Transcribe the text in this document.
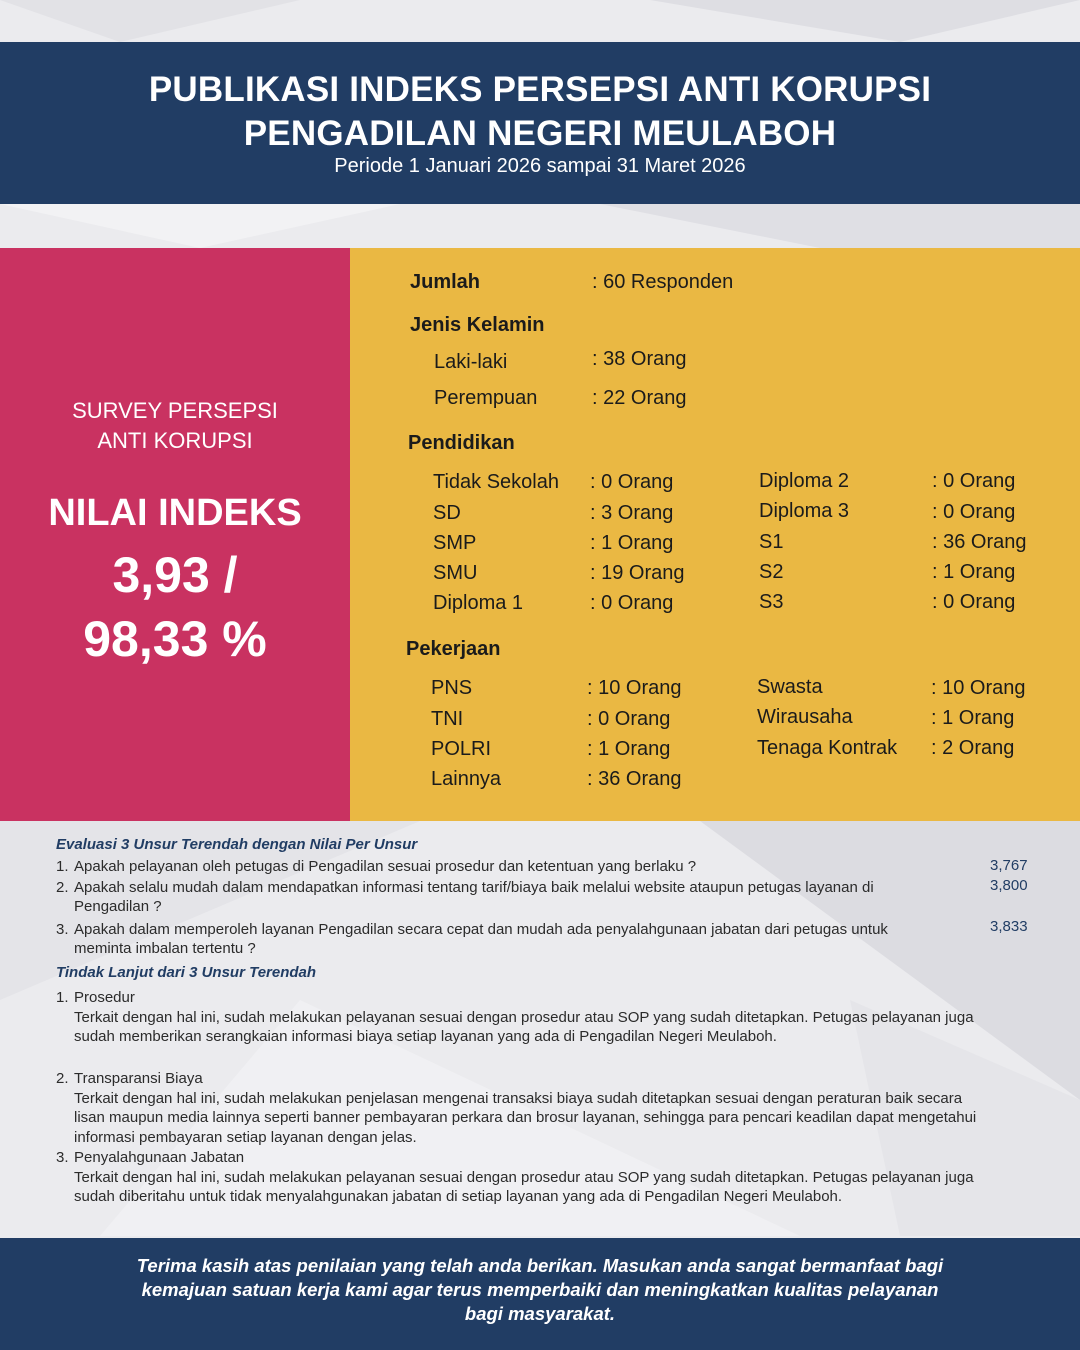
PUBLIKASI INDEKS PERSEPSI ANTI KORUPSI
PENGADILAN NEGERI MEULABOH
Periode 1 Januari 2026 sampai 31 Maret 2026
SURVEY PERSEPSI
ANTI KORUPSI
NILAI INDEKS
3,93 /
98,33 %
Jumlah	: 60 Responden
Jenis Kelamin
Laki-laki	: 38 Orang
Perempuan	: 22 Orang
Pendidikan
Tidak Sekolah : 0 Orang
SD	: 3 Orang
SMP	: 1 Orang
SMU	: 19 Orang
Diploma 1	: 0 Orang
Diploma 2	: 0 Orang
Diploma 3	: 0 Orang
S1	: 36 Orang
S2	: 1 Orang
S3	: 0 Orang
Pekerjaan
PNS	: 10 Orang
TNI	: 0 Orang
POLRI	: 1 Orang
Lainnya	: 36 Orang
Swasta	: 10 Orang
Wirausaha	: 1 Orang
Tenaga Kontrak : 2 Orang
Evaluasi 3 Unsur Terendah dengan Nilai Per Unsur
1. Apakah pelayanan oleh petugas di Pengadilan sesuai prosedur dan ketentuan yang berlaku ?	3,767
2. Apakah selalu mudah dalam mendapatkan informasi tentang tarif/biaya baik melalui website ataupun petugas layanan di Pengadilan ?
3,800
3. Apakah dalam memperoleh layanan Pengadilan secara cepat dan mudah ada penyalahgunaan jabatan dari petugas untuk meminta imbalan tertentu ?
3,833
Tindak Lanjut dari 3 Unsur Terendah
1. Prosedur
Terkait dengan hal ini, sudah melakukan pelayanan sesuai dengan prosedur atau SOP yang sudah ditetapkan. Petugas pelayanan juga sudah memberikan serangkaian informasi biaya setiap layanan yang ada di Pengadilan Negeri Meulaboh.
2. Transparansi Biaya
Terkait dengan hal ini, sudah melakukan penjelasan mengenai transaksi biaya sudah ditetapkan sesuai dengan peraturan baik secara lisan maupun media lainnya seperti banner pembayaran perkara dan brosur layanan, sehingga para pencari keadilan dapat mengetahui informasi pembayaran setiap layanan dengan jelas.
3. Penyalahgunaan Jabatan
Terkait dengan hal ini, sudah melakukan pelayanan sesuai dengan prosedur atau SOP yang sudah ditetapkan. Petugas pelayanan juga sudah diberitahu untuk tidak menyalahgunakan jabatan di setiap layanan yang ada di Pengadilan Negeri Meulaboh.
Terima kasih atas penilaian yang telah anda berikan. Masukan anda sangat bermanfaat bagi kemajuan satuan kerja kami agar terus memperbaiki dan meningkatkan kualitas pelayanan bagi masyarakat.
